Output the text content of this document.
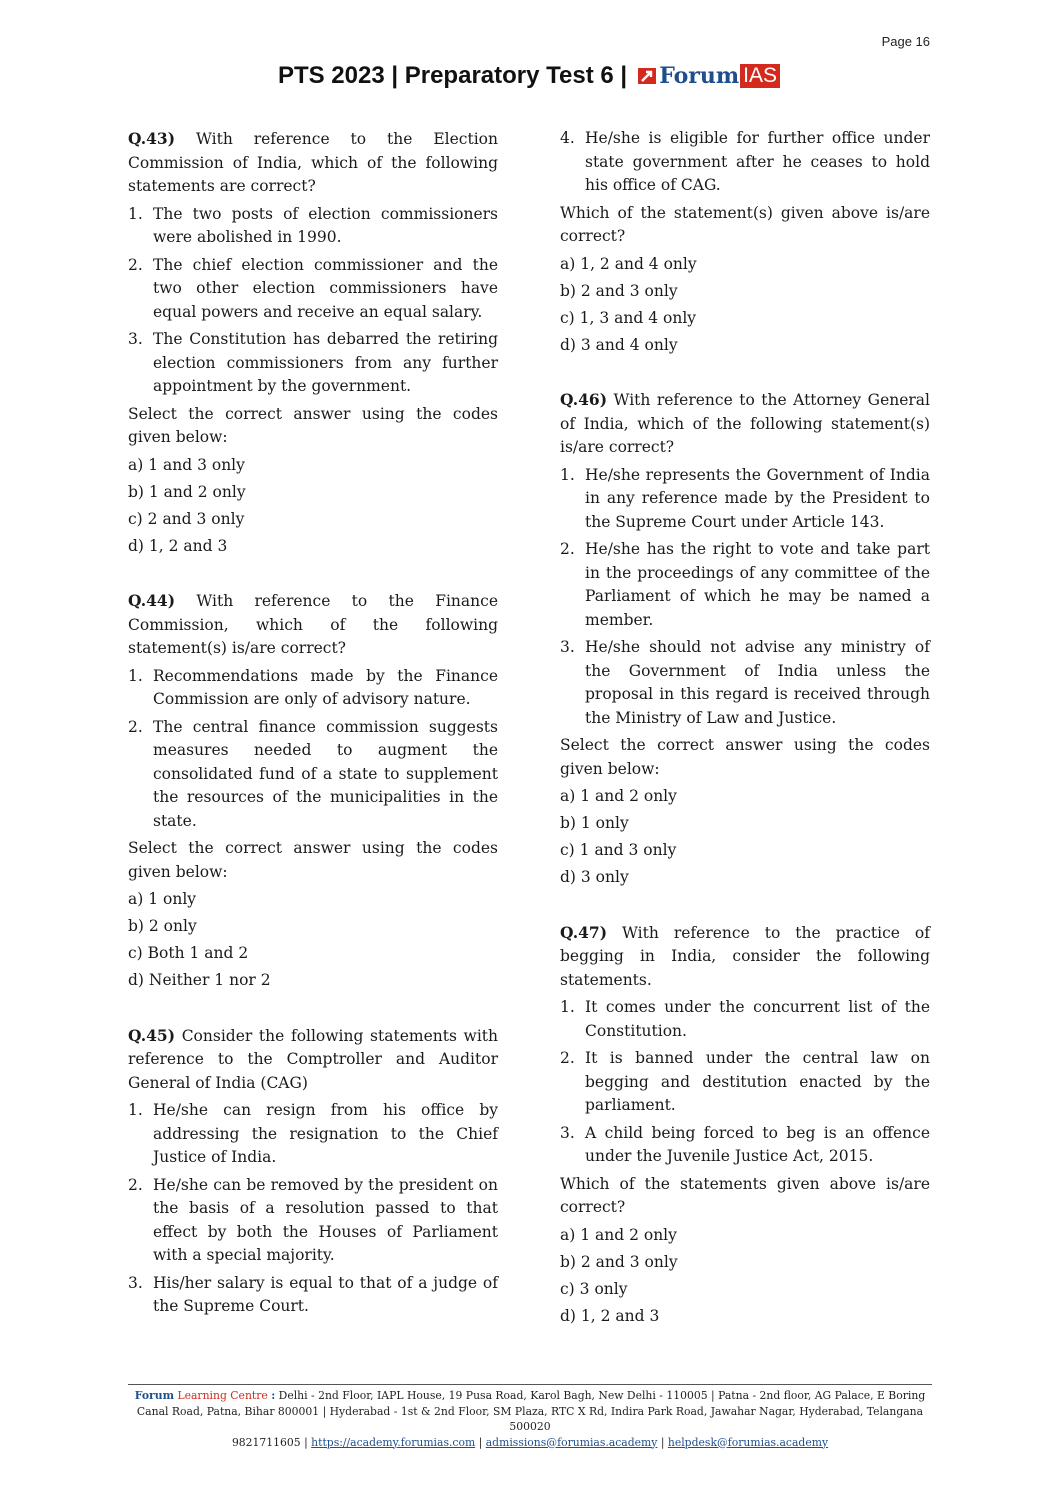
Page 16
PTS 2023 | Preparatory Test 6 | Forum IAS
Q.43) With reference to the Election Commission of India, which of the following statements are correct?
1. The two posts of election commissioners were abolished in 1990.
2. The chief election commissioner and the two other election commissioners have equal powers and receive an equal salary.
3. The Constitution has debarred the retiring election commissioners from any further appointment by the government.
Select the correct answer using the codes given below:
a) 1 and 3 only
b) 1 and 2 only
c) 2 and 3 only
d) 1, 2 and 3
Q.44) With reference to the Finance Commission, which of the following statement(s) is/are correct?
1. Recommendations made by the Finance Commission are only of advisory nature.
2. The central finance commission suggests measures needed to augment the consolidated fund of a state to supplement the resources of the municipalities in the state.
Select the correct answer using the codes given below:
a) 1 only
b) 2 only
c) Both 1 and 2
d) Neither 1 nor 2
Q.45) Consider the following statements with reference to the Comptroller and Auditor General of India (CAG)
1. He/she can resign from his office by addressing the resignation to the Chief Justice of India.
2. He/she can be removed by the president on the basis of a resolution passed to that effect by both the Houses of Parliament with a special majority.
3. His/her salary is equal to that of a judge of the Supreme Court.
4. He/she is eligible for further office under state government after he ceases to hold his office of CAG.
Which of the statement(s) given above is/are correct?
a) 1, 2 and 4 only
b) 2 and 3 only
c) 1, 3 and 4 only
d) 3 and 4 only
Q.46) With reference to the Attorney General of India, which of the following statement(s) is/are correct?
1. He/she represents the Government of India in any reference made by the President to the Supreme Court under Article 143.
2. He/she has the right to vote and take part in the proceedings of any committee of the Parliament of which he may be named a member.
3. He/she should not advise any ministry of the Government of India unless the proposal in this regard is received through the Ministry of Law and Justice.
Select the correct answer using the codes given below:
a) 1 and 2 only
b) 1 only
c) 1 and 3 only
d) 3 only
Q.47) With reference to the practice of begging in India, consider the following statements.
1. It comes under the concurrent list of the Constitution.
2. It is banned under the central law on begging and destitution enacted by the parliament.
3. A child being forced to beg is an offence under the Juvenile Justice Act, 2015.
Which of the statements given above is/are correct?
a) 1 and 2 only
b) 2 and 3 only
c) 3 only
d) 1, 2 and 3
Forum Learning Centre : Delhi - 2nd Floor, IAPL House, 19 Pusa Road, Karol Bagh, New Delhi - 110005 | Patna - 2nd floor, AG Palace, E Boring Canal Road, Patna, Bihar 800001 | Hyderabad - 1st & 2nd Floor, SM Plaza, RTC X Rd, Indira Park Road, Jawahar Nagar, Hyderabad, Telangana 500020
9821711605 | https://academy.forumias.com | admissions@forumias.academy | helpdesk@forumias.academy
